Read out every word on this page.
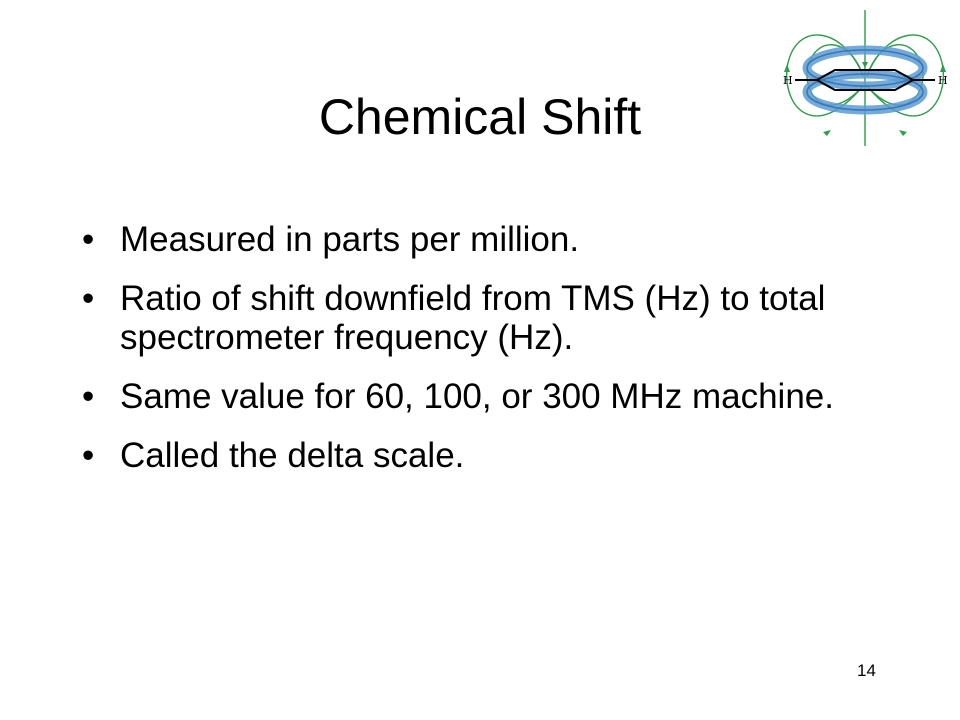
Chemical Shift
H	H
• Measured in parts per million.
• Ratio of shift downfield from TMS (Hz) to total spectrometer frequency (Hz).
• Same value for 60, 100, or 300 MHz machine.
• Called the delta scale.
14
